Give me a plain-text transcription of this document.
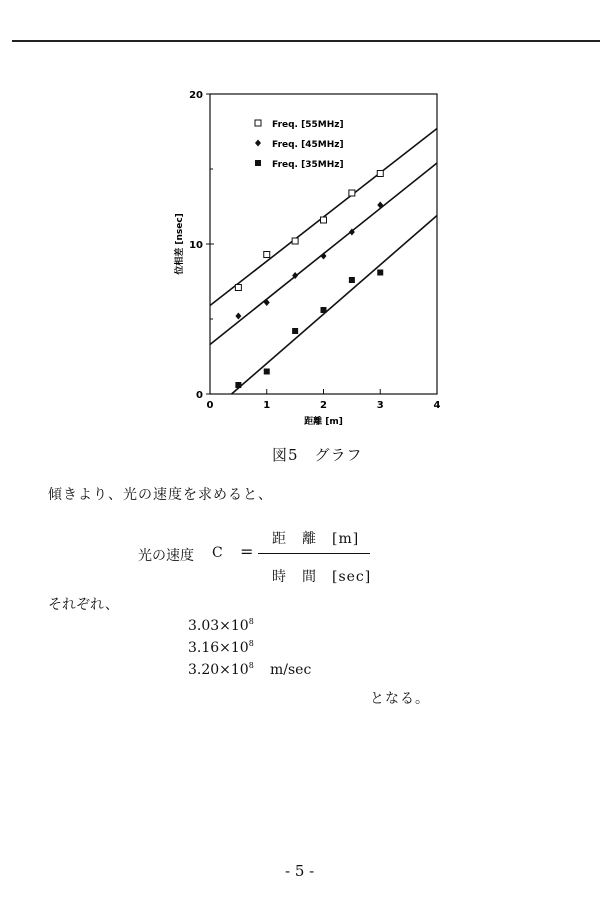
0	1	2	3	4
0
10
20
距離 [m]
位相差 [nsec]
Freq. [55MHz]
Freq. [45MHz]
Freq. [35MHz]
図5　グラフ
傾きより、光の速度を求めると、
光の速度 C =
距　離　[m]
時　間　[sec]
それぞれ、
$3.03\times 10^8$
$3.16\times 10^8$
$3.20\times 10^8$ m/sec
となる。
- 5 -
